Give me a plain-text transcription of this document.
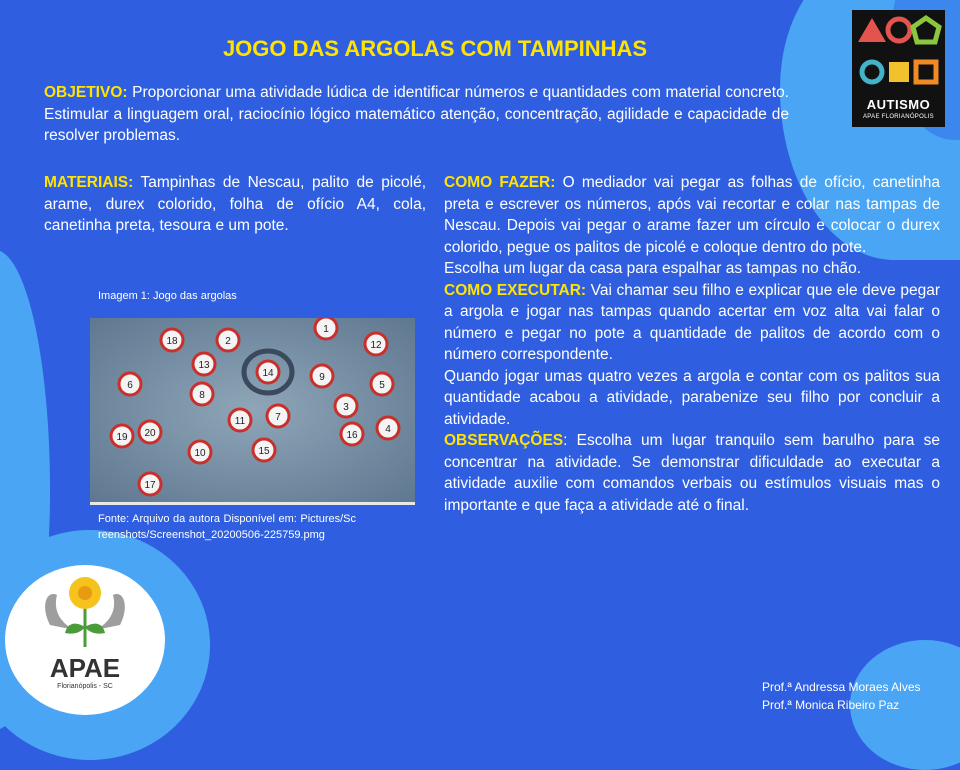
AUTISMO
APAE FLORIANÓPOLIS
JOGO DAS ARGOLAS COM TAMPINHAS

OBJETIVO: Proporcionar uma atividade lúdica de identificar números e quantidades com material concreto. Estimular a linguagem oral, raciocínio lógico matemático atenção, concentração, agilidade e capacidade de resolver problemas.

MATERIAIS: Tampinhas de Nescau, palito de picolé, arame, durex colorido, folha de ofício A4, cola, canetinha preta, tesoura e um pote.

COMO FAZER: O mediador vai pegar as folhas de ofício, canetinha preta e escrever os números, após vai recortar e colar nas tampas de Nescau. Depois vai pegar o arame fazer um círculo e colocar o durex colorido, pegue os palitos de picolé e coloque dentro do pote.

Escolha um lugar da casa para espalhar as tampas no chão.

COMO EXECUTAR: Vai chamar seu filho e explicar que ele deve pegar a argola e jogar nas tampas quando acertar em voz alta vai falar o número e pegar no pote a quantidade de palitos de acordo com o número correspondente.

Quando jogar umas quatro vezes a argola e contar com os palitos sua quantidade acabou a atividade, parabenize seu filho por concluir a atividade.

OBSERVAÇÕES: Escolha um lugar tranquilo sem barulho para se concentrar na atividade. Se demonstrar dificuldade ao executar a atividade auxilie com comandos verbais ou estímulos visuais mas o importante e que faça a atividade até o final.

Imagem 1: Jogo das argolas
18	2
1
12
13
14	9
5
6
8
7
3
4
19 20
11
15
16
17
10
Fonte: Arquivo da autora Disponível em: Pictures/Screenshots/Screenshot_20200506-225759.pmg
APAE
Florianópolis - SC	Prof.ª Andressa Moraes Alves
Prof.ª Monica Ribeiro Paz
